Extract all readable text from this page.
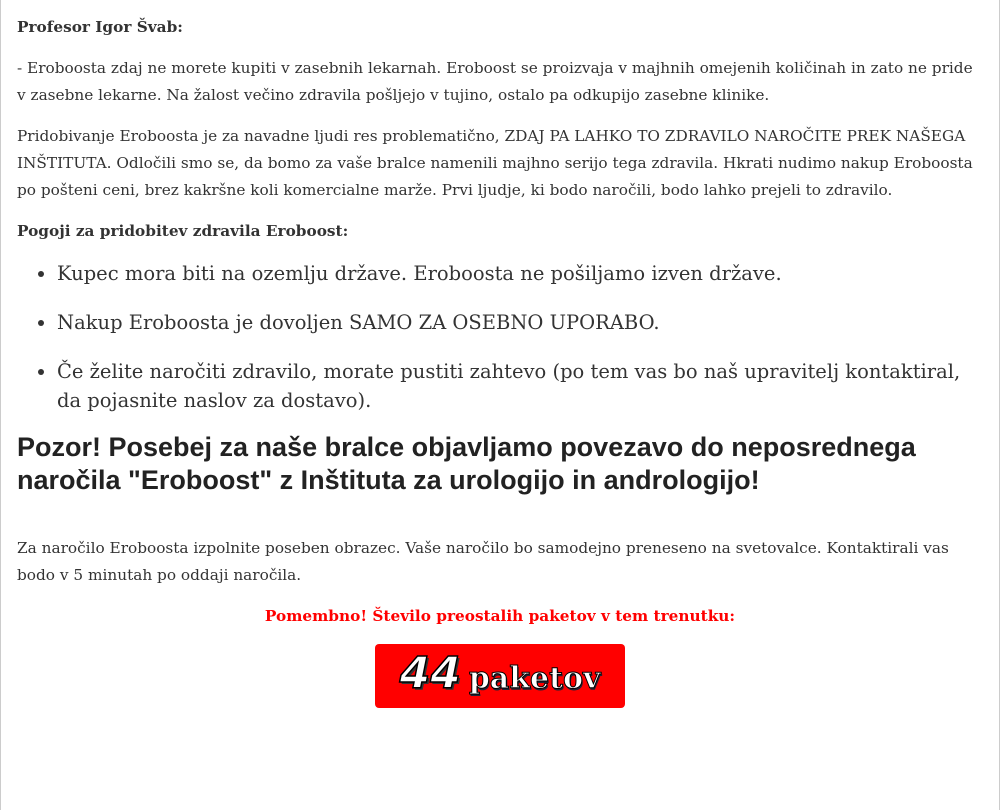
Profesor Igor Švab:

- Eroboosta zdaj ne morete kupiti v zasebnih lekarnah. Eroboost se proizvaja v majhnih omejenih količinah in zato ne pride v zasebne lekarne. Na žalost večino zdravila pošljejo v tujino, ostalo pa odkupijo zasebne klinike.

Pridobivanje Eroboosta je za navadne ljudi res problematično, ZDAJ PA LAHKO TO ZDRAVILO NAROČITE PREK NAŠEGA INŠTITUTA. Odločili smo se, da bomo za vaše bralce namenili majhno serijo tega zdravila. Hkrati nudimo nakup Eroboosta po pošteni ceni, brez kakršne koli komercialne marže. Prvi ljudje, ki bodo naročili, bodo lahko prejeli to zdravilo.

Pogoji za pridobitev zdravila Eroboost:

• Kupec mora biti na ozemlju države. Eroboosta ne pošiljamo izven države.
• Nakup Eroboosta je dovoljen SAMO ZA OSEBNO UPORABO.
• Če želite naročiti zdravilo, morate pustiti zahtevo (po tem vas bo naš upravitelj kontaktiral, da pojasnite naslov za dostavo).
Pozor! Posebej za naše bralce objavljamo povezavo do neposrednega naročila "Eroboost" z Inštituta za urologijo in andrologijo!

Za naročilo Eroboosta izpolnite poseben obrazec. Vaše naročilo bo samodejno preneseno na svetovalce. Kontaktirali vas bodo v 5 minutah po oddaji naročila.

Pomembno! Število preostalih paketov v tem trenutku:

44 paketov
